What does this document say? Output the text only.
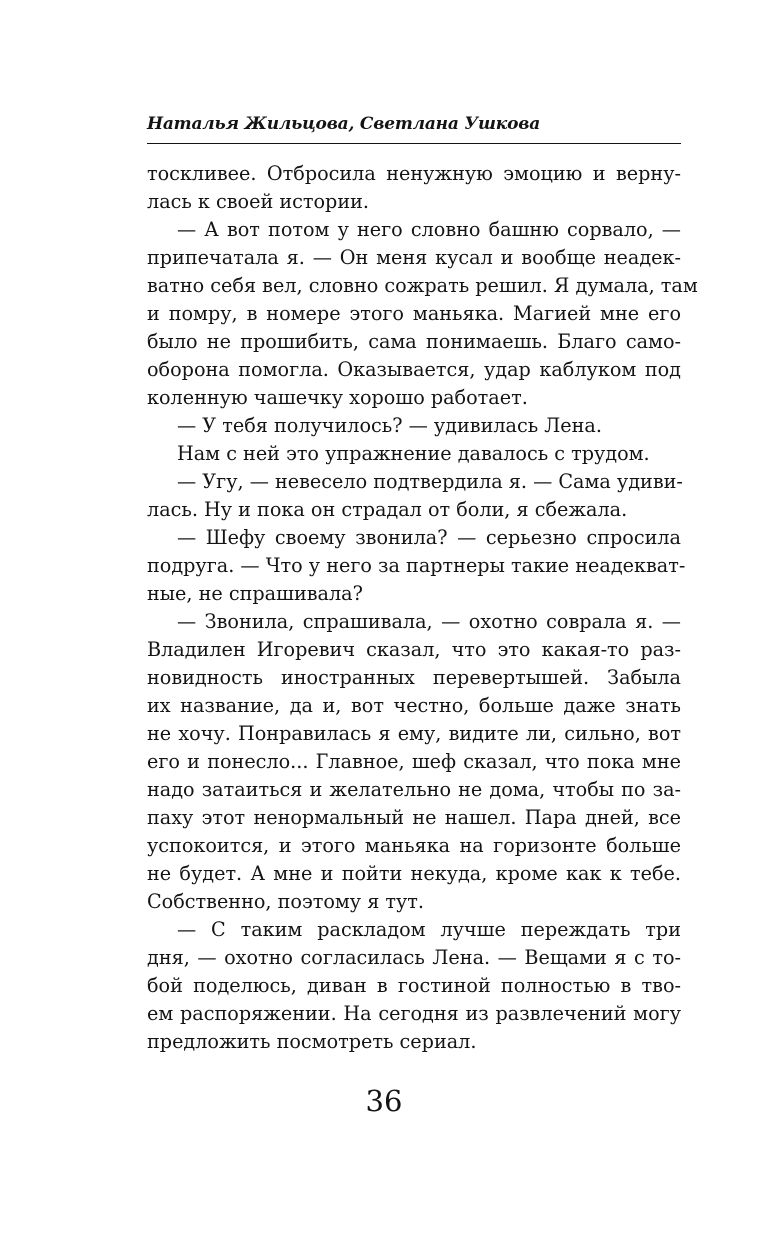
Наталья Жильцова, Светлана Ушкова
тоскливее. Отбросила ненужную эмоцию и верну-
лась к своей истории.
— А вот потом у него словно башню сорвало, —
припечатала я. — Он меня кусал и вообще неадек-
ватно себя вел, словно сожрать решил. Я думала, там
и помру, в номере этого маньяка. Магией мне его
было не прошибить, сама понимаешь. Благо само-
оборона помогла. Оказывается, удар каблуком под
коленную чашечку хорошо работает.
— У тебя получилось? — удивилась Лена.
Нам с ней это упражнение давалось с трудом.
— Угу, — невесело подтвердила я. — Сама удиви-
лась. Ну и пока он страдал от боли, я сбежала.
— Шефу своему звонила? — серьезно спросила
подруга. — Что у него за партнеры такие неадекват-
ные, не спрашивала?
— Звонила, спрашивала, — охотно соврала я. —
Владилен Игоревич сказал, что это какая-то раз-
новидность иностранных перевертышей. Забыла
их название, да и, вот честно, больше даже знать
не хочу. Понравилась я ему, видите ли, сильно, вот
его и понесло... Главное, шеф сказал, что пока мне
надо затаиться и желательно не дома, чтобы по за-
паху этот ненормальный не нашел. Пара дней, все
успокоится, и этого маньяка на горизонте больше
не будет. А мне и пойти некуда, кроме как к тебе.
Собственно, поэтому я тут.
— С таким раскладом лучше переждать три
дня, — охотно согласилась Лена. — Вещами я с то-
бой поделюсь, диван в гостиной полностью в тво-
ем распоряжении. На сегодня из развлечений могу
предложить посмотреть сериал.
36
